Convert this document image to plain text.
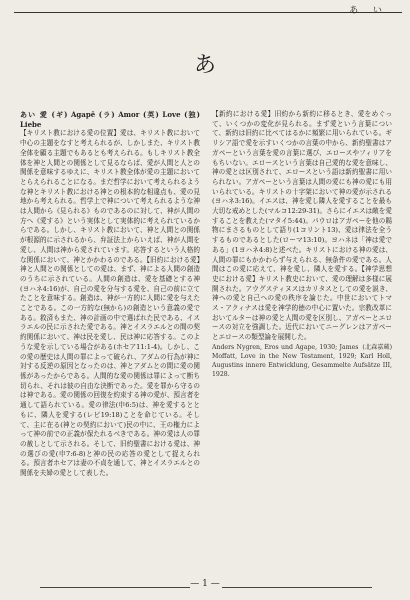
あ い
あ

あい 愛 (ギ) Agapē (ラ) Amor (英) Love (独) Liebe

【キリスト教における愛の位置】愛は、キリスト教において中心の主題をなすと考えられるが、しかしまた、キリスト教全体を顧る主題でもあるとも考えられる。もしキリスト教全体を神と人間との関係として見るならば、愛が人間と人との関係を意味するゆえに、キリスト教全体が愛の主題においてとらえられることになる。まだ哲学において考えられるような神とキリスト教における神との根本的な相違点も、愛の見地から考えられる。哲学上で神について考えられるような神は人間から《見られる》ものであるのに対して、神が人間の方へ《愛する》という実体として実体的に考えられているからである。しかし、キリスト教において、神と人間との関係が根源的に示されるから、弁証法上からいえば、神が人間を愛し、人間は神から愛されています。応答するという人格的な関係において、神とかかわるのである。【旧約における愛】神と人間との関係としての愛は、まず、神による人間の創造のうちに示されている。人間の創造は、愛を基礎とする神(ヨハネ4:16)が、自己の愛を分与する愛を、自己の前に立てたことを意味する。創造は、神が一方的に人間に愛を与えたことである。この一方的な(無から)の創造という意義の愛である。救済もまた、神の計画の中で選ばれた民である、イスラエルの民に示された愛である。神とイスラエルとの間の契約関係において、神は民を愛し、民は神に応答する。このような愛を示している場合がある(ホセア11:1-4)。しかし、この愛の歴史は人間の罪によって破られ、アダムの行為が神に対する反逆の原因となったのは、神とアダムとの間に愛の関係があったからである。人間的な愛の関係は罪によって断ち切られ、それは彼の自由な決断であった。愛を罪から守るのは神である。愛の関係の回復を約束する神の愛が、預言者を通して語られている。愛の律法(申6:5)は、神を愛するとともに、隣人を愛する(レビ19:18)ことを命じている。そして、主に在る(神との契約において)民の中に、王の権力によって神の前での正義が保たれるべきである。神の愛は人の罪の赦しとして示される。そして、旧約聖書における愛は、神の選びの愛(申7:6-8)と神の民の応答の愛として捉えられる。預言者ホセアは妻の不貞を通して、神とイスラエルとの関係を夫婦の愛として表した。

【新約における愛】旧約から新約に移るとき、愛をめぐって、いくつかの変化が見られる。まず愛という言葉について、新約は旧約に比べてはるかに頻繁に用いられている。ギリシア語で愛を示すいくつかの言葉の中から、新約聖書はアガペーという言葉を愛の言葉に選び、エロースやフィリアをもちいない。エロースという言葉は自己愛的な愛を意味し、神の愛とは区別されて、エロースという語は新約聖書に用いられない。アガペーという言葉は人間の愛にも神の愛にも用いられている。キリストの十字架において神の愛が示される(ヨハネ3:16)。イエスは、神を愛し隣人を愛することを最も大切な戒めとした(マルコ12:29-31)。さらにイエスは敵を愛することを教えた(マタイ5:44)。パウロはアガペーを他の賜物にまさるものとして語り(1コリント13)、愛は律法を全うするものであるとした(ローマ13:10)。ヨハネは「神は愛である」(1ヨハネ4:8)と述べた。キリストにおける神の愛は、人間の罪にもかかわらず与えられる、無条件の愛である。人間はこの愛に応えて、神を愛し、隣人を愛する。【神学思想史における愛】キリスト教史において、愛の理解は多様に展開された。アウグスティヌスはカリタスとしての愛を説き、神への愛と自己への愛の秩序を論じた。中世においてトマス・アクィナスは愛を神学的徳の中心に置いた。宗教改革においてルターは神の愛と人間の愛を区別し、アガペーとエロースの対立を強調した。近代においてニーグレンはアガペーとエロースの類型論を展開した。

(北森嘉蔵)
Anders Nygren, Eros und Agape, 1930; James Moffatt, Love in the New Testament, 1929; Karl Holl, Augustins innere Entwicklung, Gesammelte Aufsätze III, 1928.

— 1 —
